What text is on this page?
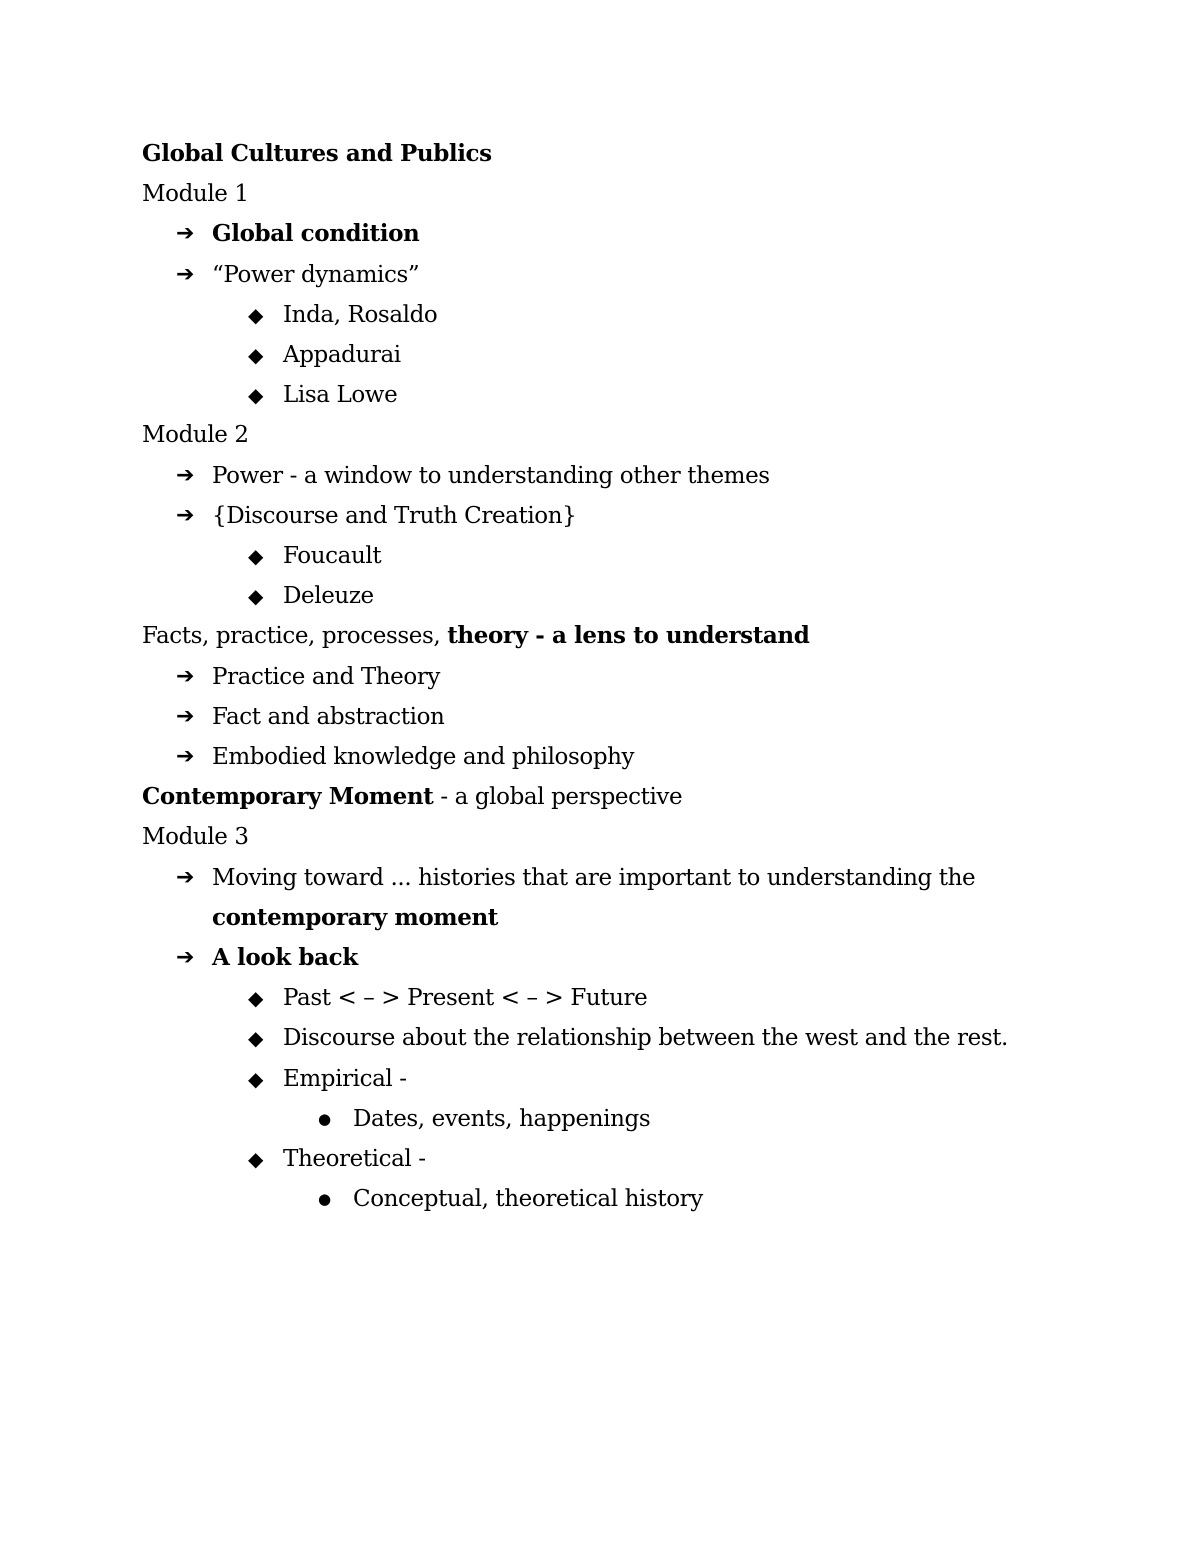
Global Cultures and Publics
Module 1
➔ Global condition
➔ “Power dynamics”
◆ Inda, Rosaldo
◆ Appadurai
◆ Lisa Lowe
Module 2
➔ Power - a window to understanding other themes
➔ {Discourse and Truth Creation}
◆ Foucault
◆ Deleuze
Facts, practice, processes, theory - a lens to understand
➔ Practice and Theory
➔ Fact and abstraction
➔ Embodied knowledge and philosophy
Contemporary Moment - a global perspective
Module 3
➔ Moving toward ... histories that are important to understanding the
contemporary moment
➔ A look back
◆ Past < – > Present < – > Future
◆ Discourse about the relationship between the west and the rest.
◆ Empirical -
● Dates, events, happenings
◆ Theoretical -
● Conceptual, theoretical history
